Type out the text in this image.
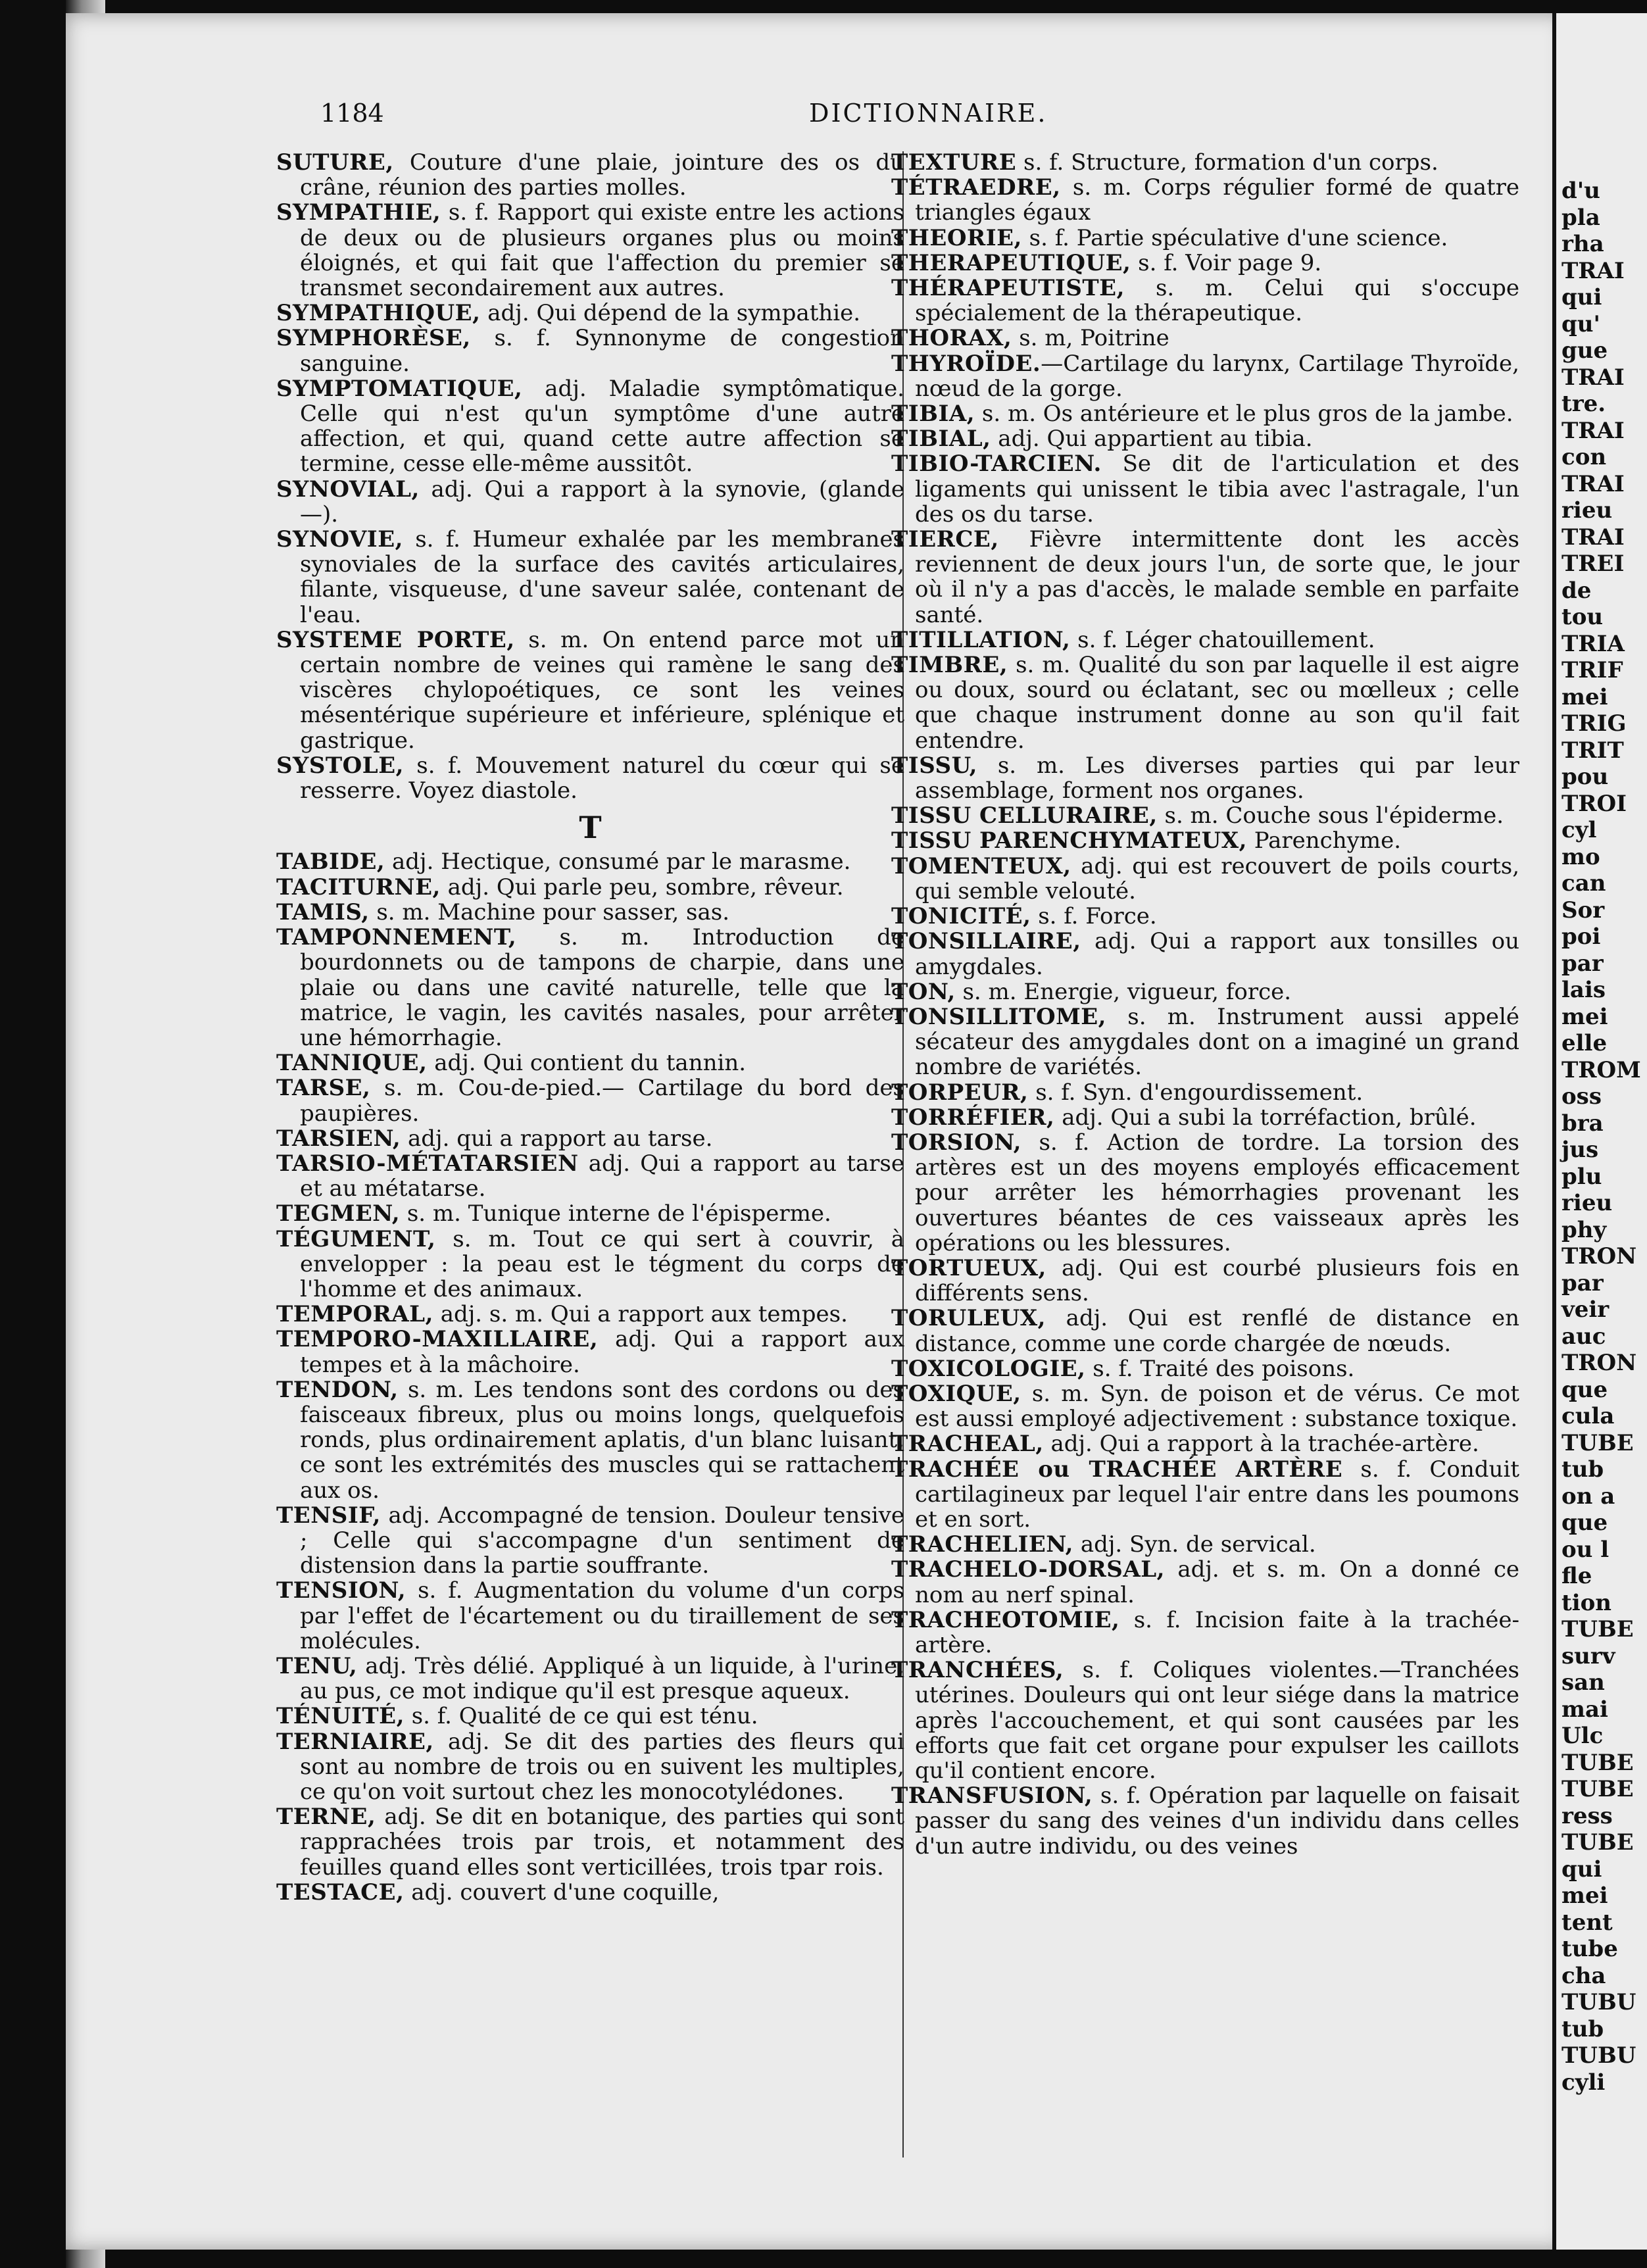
1184	DICTIONNAIRE.
SUTURE, Couture d'une plaie, jointure des os du crâne, réunion des parties molles.
SYMPATHIE, s. f. Rapport qui existe entre les actions de deux ou de plusieurs organes plus ou moins éloignés, et qui fait que l'affection du premier se transmet secondairement aux autres.
SYMPATHIQUE, adj. Qui dépend de la sympathie.
SYMPHORÈSE, s. f. Synnonyme de congestion sanguine.
SYMPTOMATIQUE, adj. Maladie symptômatique. Celle qui n'est qu'un symptôme d'une autre affection, et qui, quand cette autre affection se termine, cesse elle-même aussitôt.
SYNOVIAL, adj. Qui a rapport à la synovie, (glande—).
SYNOVIE, s. f. Humeur exhalée par les membranes synoviales de la surface des cavités articulaires, filante, visqueuse, d'une saveur salée, contenant de l'eau.
SYSTEME PORTE, s. m. On entend parce mot un certain nombre de veines qui ramène le sang des viscères chylopoétiques, ce sont les veines mésentérique supérieure et inférieure, splénique et gastrique.
SYSTOLE, s. f. Mouvement naturel du cœur qui se resserre. Voyez diastole.
T
TABIDE, adj. Hectique, consumé par le marasme.
TACITURNE, adj. Qui parle peu, sombre, rêveur.
TAMIS, s. m. Machine pour sasser, sas.
TAMPONNEMENT, s. m. Introduction de bourdonnets ou de tampons de charpie, dans une plaie ou dans une cavité naturelle, telle que la matrice, le vagin, les cavités nasales, pour arrêter une hémorrhagie.
TANNIQUE, adj. Qui contient du tannin.
TARSE, s. m. Cou-de-pied.— Cartilage du bord des paupières.
TARSIEN, adj. qui a rapport au tarse.
TARSIO-MÉTATARSIEN adj. Qui a rapport au tarse et au métatarse.
TEGMEN, s. m. Tunique interne de l'épisperme.
TÉGUMENT, s. m. Tout ce qui sert à couvrir, à envelopper : la peau est le tégment du corps de l'homme et des animaux.
TEMPORAL, adj. s. m. Qui a rapport aux tempes.
TEMPORO-MAXILLAIRE, adj. Qui a rapport aux tempes et à la mâchoire.
TENDON, s. m. Les tendons sont des cordons ou des faisceaux fibreux, plus ou moins longs, quelquefois ronds, plus ordinairement aplatis, d'un blanc luisant, ce sont les extrémités des muscles qui se rattachent aux os.
TENSIF, adj. Accompagné de tension. Douleur tensive ; Celle qui s'accompagne d'un sentiment de distension dans la partie souffrante.
TENSION, s. f. Augmentation du volume d'un corps par l'effet de l'écartement ou du tiraillement de ses molécules.
TENU, adj. Très délié. Appliqué à un liquide, à l'urine, au pus, ce mot indique qu'il est presque aqueux.
TÉNUITÉ, s. f. Qualité de ce qui est ténu.
TERNIAIRE, adj. Se dit des parties des fleurs qui sont au nombre de trois ou en suivent les multiples, ce qu'on voit surtout chez les monocotylédones.
TERNE, adj. Se dit en botanique, des parties qui sont rapprachées trois par trois, et notamment des feuilles quand elles sont verticillées, trois tpar rois.
TESTACE, adj. couvert d'une coquille,
TEXTURE s. f. Structure, formation d'un corps.
TÉTRAEDRE, s. m. Corps régulier formé de quatre triangles égaux
THEORIE, s. f. Partie spéculative d'une science.
THERAPEUTIQUE, s. f. Voir page 9.
THÉRAPEUTISTE, s. m. Celui qui s'occupe spécialement de la thérapeutique.
THORAX, s. m, Poitrine
THYROÏDE.—Cartilage du larynx, Cartilage Thyroïde, nœud de la gorge.
TIBIA, s. m. Os antérieure et le plus gros de la jambe.
TIBIAL, adj. Qui appartient au tibia.
TIBIO-TARCIEN. Se dit de l'articulation et des ligaments qui unissent le tibia avec l'astragale, l'un des os du tarse.
TIERCE, Fièvre intermittente dont les accès reviennent de deux jours l'un, de sorte que, le jour où il n'y a pas d'accès, le malade semble en parfaite santé.
TITILLATION, s. f. Léger chatouillement.
TIMBRE, s. m. Qualité du son par laquelle il est aigre ou doux, sourd ou éclatant, sec ou mœlleux ; celle que chaque instrument donne au son qu'il fait entendre.
TISSU, s. m. Les diverses parties qui par leur assemblage, forment nos organes.
TISSU CELLURAIRE, s. m. Couche sous l'épiderme.
TISSU PARENCHYMATEUX, Parenchyme.
TOMENTEUX, adj. qui est recouvert de poils courts, qui semble velouté.
TONICITÉ, s. f. Force.
TONSILLAIRE, adj. Qui a rapport aux tonsilles ou amygdales.
TON, s. m. Energie, vigueur, force.
TONSILLITOME, s. m. Instrument aussi appelé sécateur des amygdales dont on a imaginé un grand nombre de variétés.
TORPEUR, s. f. Syn. d'engourdissement.
TORRÉFIER, adj. Qui a subi la torréfaction, brûlé.
TORSION, s. f. Action de tordre. La torsion des artères est un des moyens employés efficacement pour arrêter les hémorrhagies provenant les ouvertures béantes de ces vaisseaux après les opérations ou les blessures.
TORTUEUX, adj. Qui est courbé plusieurs fois en différents sens.
TORULEUX, adj. Qui est renflé de distance en distance, comme une corde chargée de nœuds.
TOXICOLOGIE, s. f. Traité des poisons.
TOXIQUE, s. m. Syn. de poison et de vérus. Ce mot est aussi employé adjectivement : substance toxique.
TRACHEAL, adj. Qui a rapport à la trachée-artère.
TRACHÉE ou TRACHÉE ARTÈRE s. f. Conduit cartilagineux par lequel l'air entre dans les poumons et en sort.
TRACHELIEN, adj. Syn. de servical.
TRACHELO-DORSAL, adj. et s. m. On a donné ce nom au nerf spinal.
TRACHEOTOMIE, s. f. Incision faite à la trachée-artère.
TRANCHÉES, s. f. Coliques violentes.—Tranchées utérines. Douleurs qui ont leur siége dans la matrice après l'accouchement, et qui sont causées par les efforts que fait cet organe pour expulser les caillots qu'il contient encore.
TRANSFUSION, s. f. Opération par laquelle on faisait passer du sang des veines d'un individu dans celles d'un autre individu, ou des veines
d'u
pla
rha
TRAI
qui
qu'
gue
TRAI
tre.
TRAI
con
TRAI
rieu
TRAI
TREI
de
tou
TRIA
TRIF
mei
TRIG
TRIT
pou
TROI
cyl
mo
can
Sor
poi
par
lais
mei
elle
TROM
oss
bra
jus
plu
rieu
phy
TRON
par
veir
auc
TRON
que
cula
TUBE
tub
on a
que
ou l
fle
tion
TUBE
surv
san
mai
Ulc
TUBE
TUBE
ress
TUBE
qui
mei
tent
tube
cha
TUBU
tub
TUBU
cyli
